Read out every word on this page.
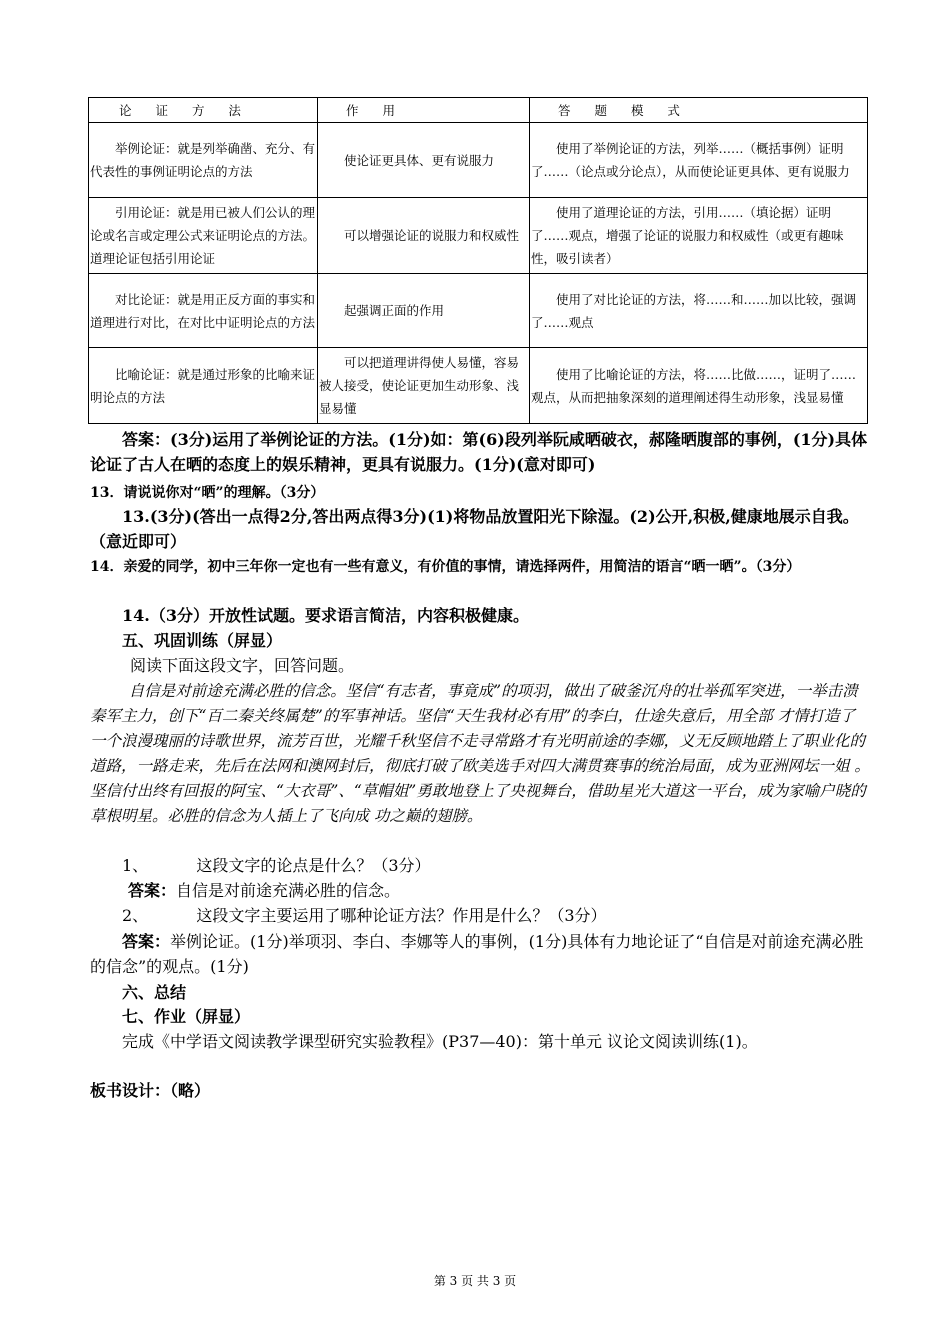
论 证 方 法	作 用	答 题 模 式
举例论证：就是列举确凿、充分、有代表性的事例证明论点的方法	使论证更具体、更有说服力	使用了举例论证的方法，列举……（概括事例）证明了……（论点或分论点），从而使论证更具体、更有说服力
引用论证：就是用已被人们公认的理论或名言或定理公式来证明论点的方法。道理论证包括引用论证	可以增强论证的说服力和权威性	使用了道理论证的方法，引用……（填论据）证明了……观点，增强了论证的说服力和权威性（或更有趣味性，吸引读者）
对比论证：就是用正反方面的事实和道理进行对比，在对比中证明论点的方法	起强调正面的作用	使用了对比论证的方法，将……和……加以比较，强调了……观点
比喻论证：就是通过形象的比喻来证明论点的方法	可以把道理讲得使人易懂，容易被人接受，使论证更加生动形象、浅显易懂	使用了比喻论证的方法，将……比做……，证明了……观点，从而把抽象深刻的道理阐述得生动形象，浅显易懂
答案：(3分)运用了举例论证的方法。(1分)如：第(6)段列举阮咸晒破衣，郝隆晒腹部的事例，(1分)具体论证了古人在晒的态度上的娱乐精神，更具有说服力。(1分)(意对即可)
13．请说说你对“晒”的理解。（3分）
13.(3分)(答出一点得2分,答出两点得3分)(1)将物品放置阳光下除湿。(2)公开,积极,健康地展示自我。（意近即可）
14．亲爱的同学，初中三年你一定也有一些有意义，有价值的事情，请选择两件，用简洁的语言“晒一晒”。（3分）
14.（3分）开放性试题。要求语言简洁，内容积极健康。
五、巩固训练（屏显）
阅读下面这段文字，回答问题。
自信是对前途充满必胜的信念。坚信“有志者，事竟成”的项羽，做出了破釜沉舟的壮举孤军突进，一举击溃秦军主力，创下“百二秦关终属楚”的军事神话。坚信“天生我材必有用”的李白，仕途失意后，用全部 才情打造了一个浪漫瑰丽的诗歌世界，流芳百世，光耀千秋坚信不走寻常路才有光明前途的李娜，义无反顾地踏上了职业化的道路，一路走来，先后在法网和澳网封后，彻底打破了欧美选手对四大满贯赛事的统治局面，成为亚洲网坛一姐 。坚信付出终有回报的阿宝、“大衣哥”、“草帽姐”勇敢地登上了央视舞台，借助星光大道这一平台，成为家喻户晓的草根明星。必胜的信念为人插上了飞向成 功之巅的翅膀。
1、	这段文字的论点是什么？（3分）
答案：自信是对前途充满必胜的信念。
2、	这段文字主要运用了哪种论证方法？作用是什么？（3分）
答案：举例论证。(1分)举项羽、李白、李娜等人的事例，(1分)具体有力地论证了“自信是对前途充满必胜的信念”的观点。(1分)
六、总结
七、作业（屏显）
完成《中学语文阅读教学课型研究实验教程》(P37—40)：第十单元 议论文阅读训练(1)。
板书设计：（略）
第 3 页 共 3 页
